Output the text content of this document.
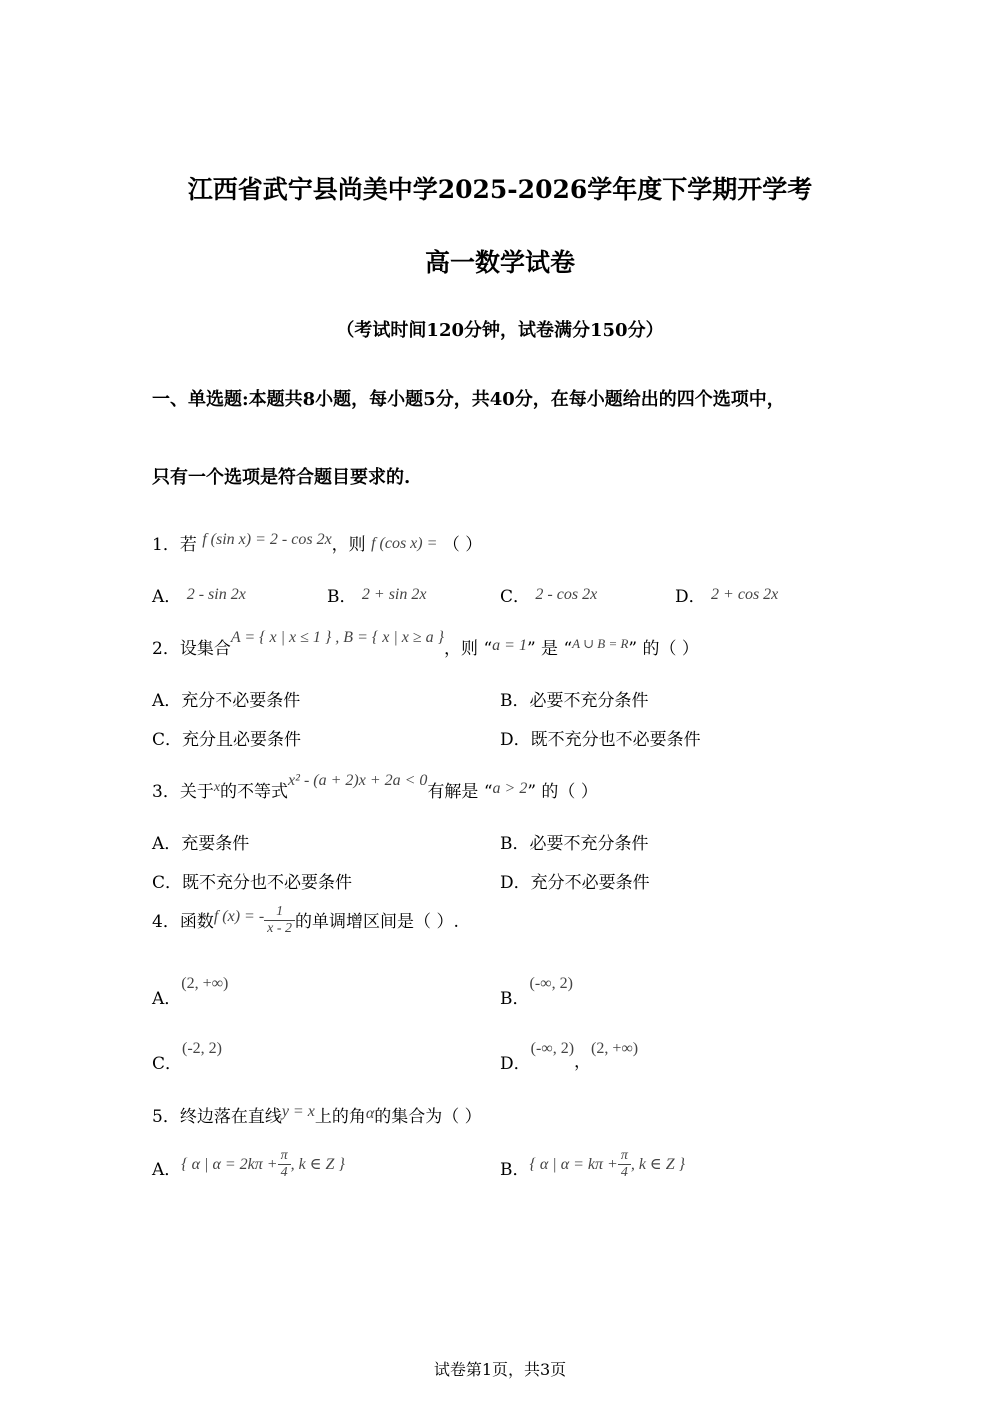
江西省武宁县尚美中学2025-2026学年度下学期开学考
高一数学试卷
（考试时间120分钟，试卷满分150分）
一、单选题:本题共8小题，每小题5分，共40分，在每小题给出的四个选项中，
只有一个选项是符合题目要求的.
1．若 f (sin x) = 2 - cos 2x，则 f (cos x) = （ ）
A． 2 - sin 2x	B． 2 + sin 2x	C． 2 - cos 2x	D． 2 + cos 2x
2．设集合A = { x | x ≤ 1 } , B = { x | x ≥ a }，则 “a = 1” 是 “$^{A \cup B = R}$” 的（ ）
A．充分不必要条件	B．必要不充分条件
C．充分且必要条件	D．既不充分也不必要条件
3．关于$^x$的不等式x² - (a + 2)x + 2a < 0有解是 “a > 2” 的（ ）
A．充要条件	B．必要不充分条件
C．既不充分也不必要条件	D．充分不必要条件
4．函数f (x) = - $\frac{1}{x - 2}$ 的单调增区间是（ ）.
A．(2, +∞)
B．(-∞, 2)
C．(-2, 2)
D．(-∞, 2)，(2, +∞)
5．终边落在直线y = x上的角α的集合为（ ）
A．{ α | $\alpha = 2k\pi + \frac{\pi}{4}$ , k ∈ Z }	B．{ α | $\alpha = k\pi + \frac{\pi}{4}$ , k ∈ Z }
试卷第1页，共3页
